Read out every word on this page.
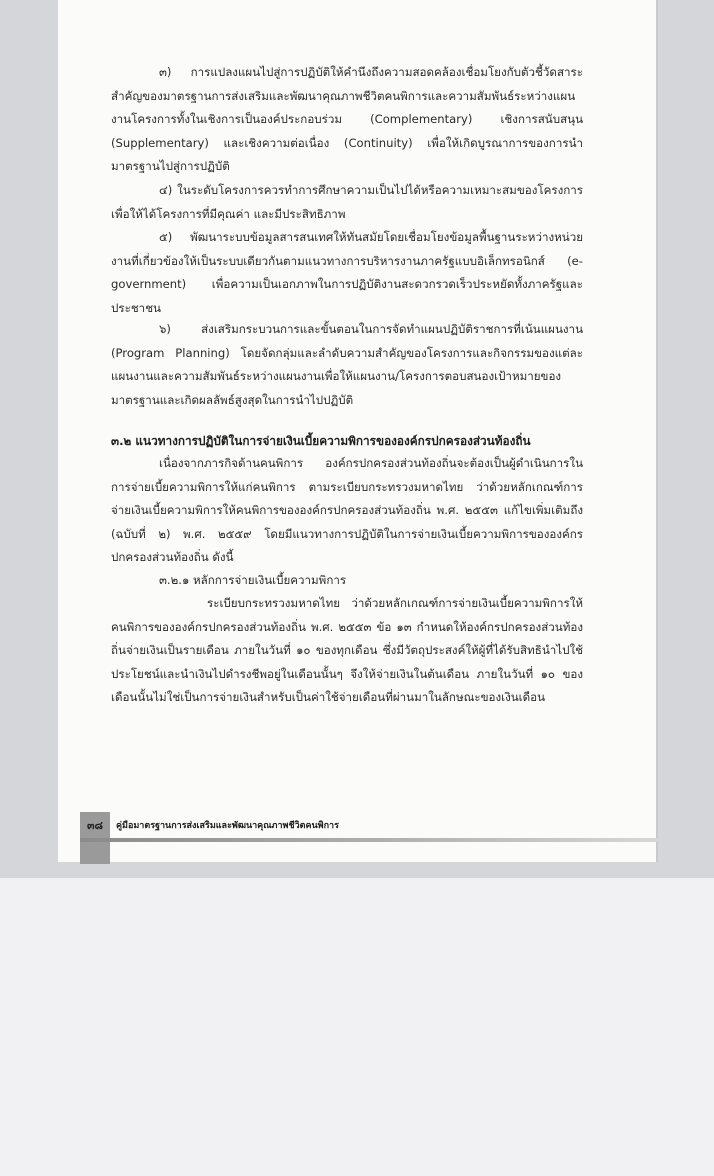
๓) การแปลงแผนไปสู่การปฏิบัติให้คำนึงถึงความสอดคล้องเชื่อมโยงกับตัวชี้วัดสาระสำคัญของมาตรฐานการส่งเสริมและพัฒนาคุณภาพชีวิตคนพิการและความสัมพันธ์ระหว่างแผนงานโครงการทั้งในเชิงการเป็นองค์ประกอบร่วม (Complementary) เชิงการสนับสนุน (Supplementary) และเชิงความต่อเนื่อง (Continuity) เพื่อให้เกิดบูรณาการของการนำมาตรฐานไปสู่การปฏิบัติ

๔) ในระดับโครงการควรทำการศึกษาความเป็นไปได้หรือความเหมาะสมของโครงการเพื่อให้ได้โครงการที่มีคุณค่า และมีประสิทธิภาพ

๕) พัฒนาระบบข้อมูลสารสนเทศให้ทันสมัยโดยเชื่อมโยงข้อมูลพื้นฐานระหว่างหน่วยงานที่เกี่ยวข้องให้เป็นระบบเดียวกันตามแนวทางการบริหารงานภาครัฐแบบอิเล็กทรอนิกส์ (e-government) เพื่อความเป็นเอกภาพในการปฏิบัติงานสะดวกรวดเร็วประหยัดทั้งภาครัฐและประชาชน

๖) ส่งเสริมกระบวนการและขั้นตอนในการจัดทำแผนปฏิบัติราชการที่เน้นแผนงาน (Program Planning) โดยจัดกลุ่มและลำดับความสำคัญของโครงการและกิจกรรมของแต่ละแผนงานและความสัมพันธ์ระหว่างแผนงานเพื่อให้แผนงาน/โครงการตอบสนองเป้าหมายของมาตรฐานและเกิดผลลัพธ์สูงสุดในการนำไปปฏิบัติ

๓.๒ แนวทางการปฏิบัติในการจ่ายเงินเบี้ยความพิการขององค์กรปกครองส่วนท้องถิ่น

เนื่องจากภารกิจด้านคนพิการ องค์กรปกครองส่วนท้องถิ่นจะต้องเป็นผู้ดำเนินการในการจ่ายเบี้ยความพิการให้แก่คนพิการ ตามระเบียบกระทรวงมหาดไทย ว่าด้วยหลักเกณฑ์การจ่ายเงินเบี้ยความพิการให้คนพิการขององค์กรปกครองส่วนท้องถิ่น พ.ศ. ๒๕๕๓ แก้ไขเพิ่มเติมถึง (ฉบับที่ ๒) พ.ศ. ๒๕๕๙ โดยมีแนวทางการปฏิบัติในการจ่ายเงินเบี้ยความพิการขององค์กรปกครองส่วนท้องถิ่น ดังนี้

๓.๒.๑ หลักการจ่ายเงินเบี้ยความพิการ

ระเบียบกระทรวงมหาดไทย ว่าด้วยหลักเกณฑ์การจ่ายเงินเบี้ยความพิการให้คนพิการขององค์กรปกครองส่วนท้องถิ่น พ.ศ. ๒๕๕๓ ข้อ ๑๓ กำหนดให้องค์กรปกครองส่วนท้องถิ่นจ่ายเงินเป็นรายเดือน ภายในวันที่ ๑๐ ของทุกเดือน ซึ่งมีวัตถุประสงค์ให้ผู้ที่ได้รับสิทธินำไปใช้ประโยชน์และนำเงินไปดำรงชีพอยู่ในเดือนนั้นๆ จึงให้จ่ายเงินในต้นเดือน ภายในวันที่ ๑๐ ของเดือนนั้นไม่ใช่เป็นการจ่ายเงินสำหรับเป็นค่าใช้จ่ายเดือนที่ผ่านมาในลักษณะของเงินเดือน

๓๘	คู่มือมาตรฐานการส่งเสริมและพัฒนาคุณภาพชีวิตคนพิการ
